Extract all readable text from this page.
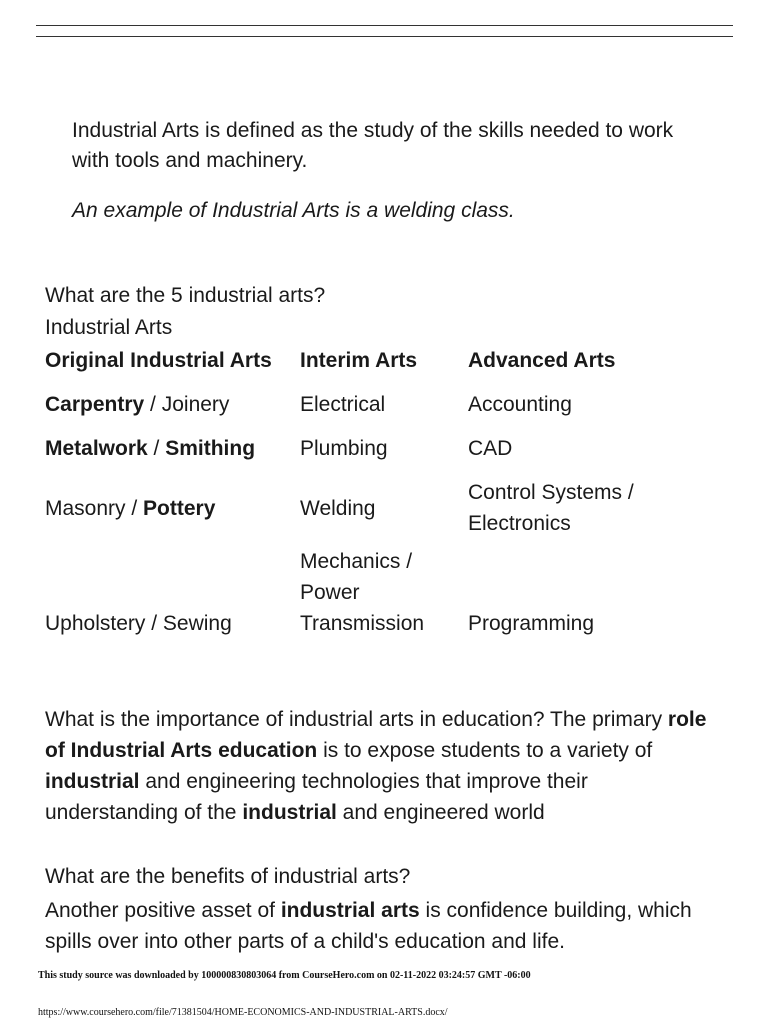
Industrial Arts is defined as the study of the skills needed to work with tools and machinery.
An example of Industrial Arts is a welding class.
What are the 5 industrial arts?
Industrial Arts
Original Industrial Arts	Interim Arts	Advanced Arts
Carpentry / Joinery	Electrical	Accounting
Metalwork / Smithing	Plumbing	CAD
Masonry / Pottery	Welding	Control Systems / Electronics
Upholstery / Sewing	Mechanics / Power Transmission	Programming
What is the importance of industrial arts in education? The primary role of Industrial Arts education is to expose students to a variety of industrial and engineering technologies that improve their understanding of the industrial and engineered world
What are the benefits of industrial arts?
Another positive asset of industrial arts is confidence building, which spills over into other parts of a child's education and life.
This study source was downloaded by 100000830803064 from CourseHero.com on 02-11-2022 03:24:57 GMT -06:00
https://www.coursehero.com/file/71381504/HOME-ECONOMICS-AND-INDUSTRIAL-ARTS.docx/
